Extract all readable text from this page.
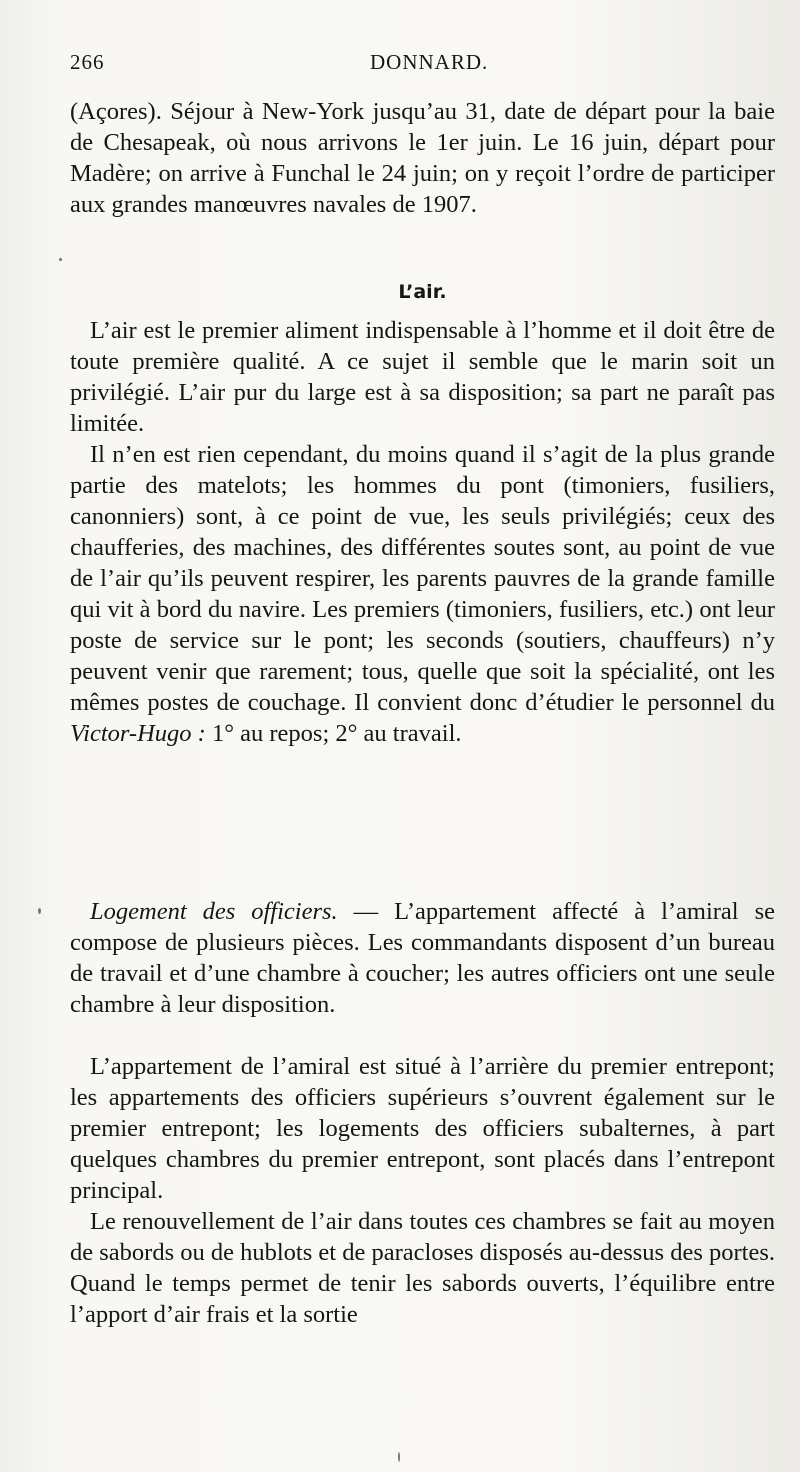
266	DONNARD.

(Açores). Séjour à New-York jusqu’au 31, date de départ pour la baie de Chesapeak, où nous arrivons le 1er juin. Le 16 juin, départ pour Madère; on arrive à Funchal le 24 juin; on y reçoit l’ordre de participer aux grandes manœuvres navales de 1907.

L’air.

L’air est le premier aliment indispensable à l’homme et il doit être de toute première qualité. A ce sujet il semble que le marin soit un privilégié. L’air pur du large est à sa disposition; sa part ne paraît pas limitée.

Il n’en est rien cependant, du moins quand il s’agit de la plus grande partie des matelots; les hommes du pont (timoniers, fusiliers, canonniers) sont, à ce point de vue, les seuls privilégiés; ceux des chaufferies, des machines, des différentes soutes sont, au point de vue de l’air qu’ils peuvent respirer, les parents pauvres de la grande famille qui vit à bord du navire. Les premiers (timoniers, fusiliers, etc.) ont leur poste de service sur le pont; les seconds (soutiers, chauffeurs) n’y peuvent venir que rarement; tous, quelle que soit la spécialité, ont les mêmes postes de couchage. Il convient donc d’étudier le personnel du Victor-Hugo : 1° au repos; 2° au travail.

Logement des officiers. — L’appartement affecté à l’amiral se compose de plusieurs pièces. Les commandants disposent d’un bureau de travail et d’une chambre à coucher; les autres officiers ont une seule chambre à leur disposition.

L’appartement de l’amiral est situé à l’arrière du premier entrepont; les appartements des officiers supérieurs s’ouvrent également sur le premier entrepont; les logements des officiers subalternes, à part quelques chambres du premier entrepont, sont placés dans l’entrepont principal.

Le renouvellement de l’air dans toutes ces chambres se fait au moyen de sabords ou de hublots et de paracloses disposés au-dessus des portes. Quand le temps permet de tenir les sabords ouverts, l’équilibre entre l’apport d’air frais et la sortie
